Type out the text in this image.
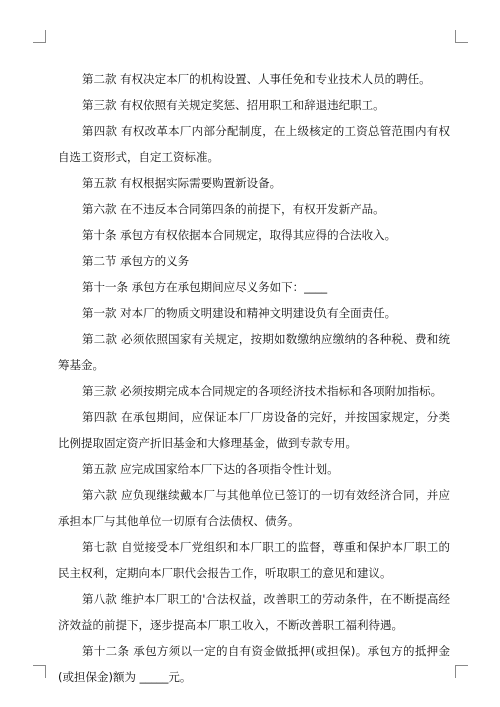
第二款 有权决定本厂的机构设置、人事任免和专业技术人员的聘任。

第三款 有权依照有关规定奖惩、招用职工和辞退违纪职工。

第四款 有权改革本厂内部分配制度，在上级核定的工资总管范围内有权自选工资形式，自定工资标准。

第五款 有权根据实际需要购置新设备。

第六款 在不违反本合同第四条的前提下，有权开发新产品。

第十条 承包方有权依据本合同规定，取得其应得的合法收入。

第二节 承包方的义务

第十一条 承包方在承包期间应尽义务如下：____

第一款 对本厂的物质文明建设和精神文明建设负有全面责任。

第二款 必须依照国家有关规定，按期如数缴纳应缴纳的各种税、费和统筹基金。

第三款 必须按期完成本合同规定的各项经济技术指标和各项附加指标。

第四款 在承包期间，应保证本厂厂房设备的完好，并按国家规定，分类比例提取固定资产折旧基金和大修理基金，做到专款专用。

第五款 应完成国家给本厂下达的各项指令性计划。

第六款 应负现继续戴本厂与其他单位已签订的一切有效经济合同，并应承担本厂与其他单位一切原有合法债权、债务。

第七款 自觉接受本厂党组织和本厂职工的监督，尊重和保护本厂职工的民主权利，定期向本厂职代会报告工作，听取职工的意见和建议。

第八款 维护本厂职工的'合法权益，改善职工的劳动条件，在不断提高经济效益的前提下，逐步提高本厂职工收入，不断改善职工福利待遇。

第十二条 承包方须以一定的自有资金做抵押(或担保)。承包方的抵押金(或担保金)额为 _____元。
